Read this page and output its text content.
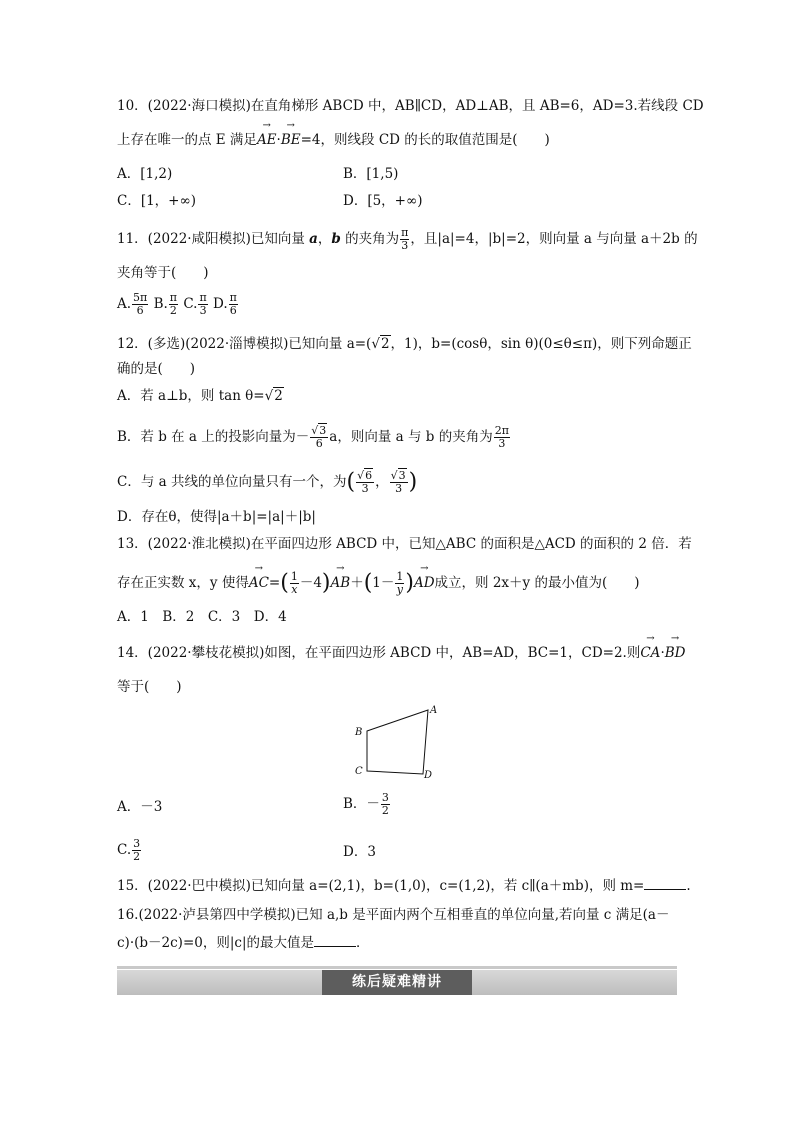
10．(2022·海口模拟)在直角梯形 ABCD 中，AB∥CD，AD⊥AB，且 AB=6，AD=3.若线段 CD
上存在唯一的点 E 满足→ AE·→ BE=4，则线段 CD 的长的取值范围是(　　)
A．[1,2)	B．[1,5)
C．[1，+∞)	D．[5，+∞)
11．(2022·咸阳模拟)已知向量 a，b 的夹角为 $\frac{\pi}{3}$ ，且|a|=4，|b|=2，则向量 a 与向量 a＋2b 的
夹角等于(　　)
A. $\frac{5\pi}{6} B$. $\frac{\pi}{2} C$. $\frac{\pi}{3} D$. $\frac{\pi}{6}$
12．(多选)(2022·淄博模拟)已知向量 a=(√2，1)，b=(cosθ，sin θ)(0≤θ≤π)，则下列命题正
确的是(　　)
A．若 a⊥b，则 tan θ=√2
B．若 b 在 a 上的投影向量为－ $\frac{√3}{6}$ a，则向量 a 与 b 的夹角为 $\frac{2\pi}{3}$
C．与 a 共线的单位向量只有一个，为( $\frac{√6}{3}$ ， $\frac{√3}{3}$ )
D．存在θ，使得|a＋b|=|a|＋|b|
13．(2022·淮北模拟)在平面四边形 ABCD 中，已知△ABC 的面积是△ACD 的面积的 2 倍．若
存在正实数 x，y 使得→ $AC=( \frac{1}{x} -4)\to AB+(1- \frac{1}{y}$ )→ AD成立，则 2x＋y 的最小值为(　　)
A．1　B．2　C．3　D．4
14．(2022·攀枝花模拟)如图，在平面四边形 ABCD 中，AB=AD，BC=1，CD=2.则→ CA·→ BD
等于(　　)
A
B
C	D
A．－3	B．－ $\frac{3}{2}$
C. $\frac{3}{2}$	D．3
15．(2022·巴中模拟)已知向量 a=(2,1)，b=(1,0)，c=(1,2)，若 c∥(a＋mb)，则 m=	.
16.(2022·泸县第四中学模拟)已知 a,b 是平面内两个互相垂直的单位向量,若向量 c 满足(a－
c)·(b－2c)=0，则|c|的最大值是	．
练后疑难精讲
